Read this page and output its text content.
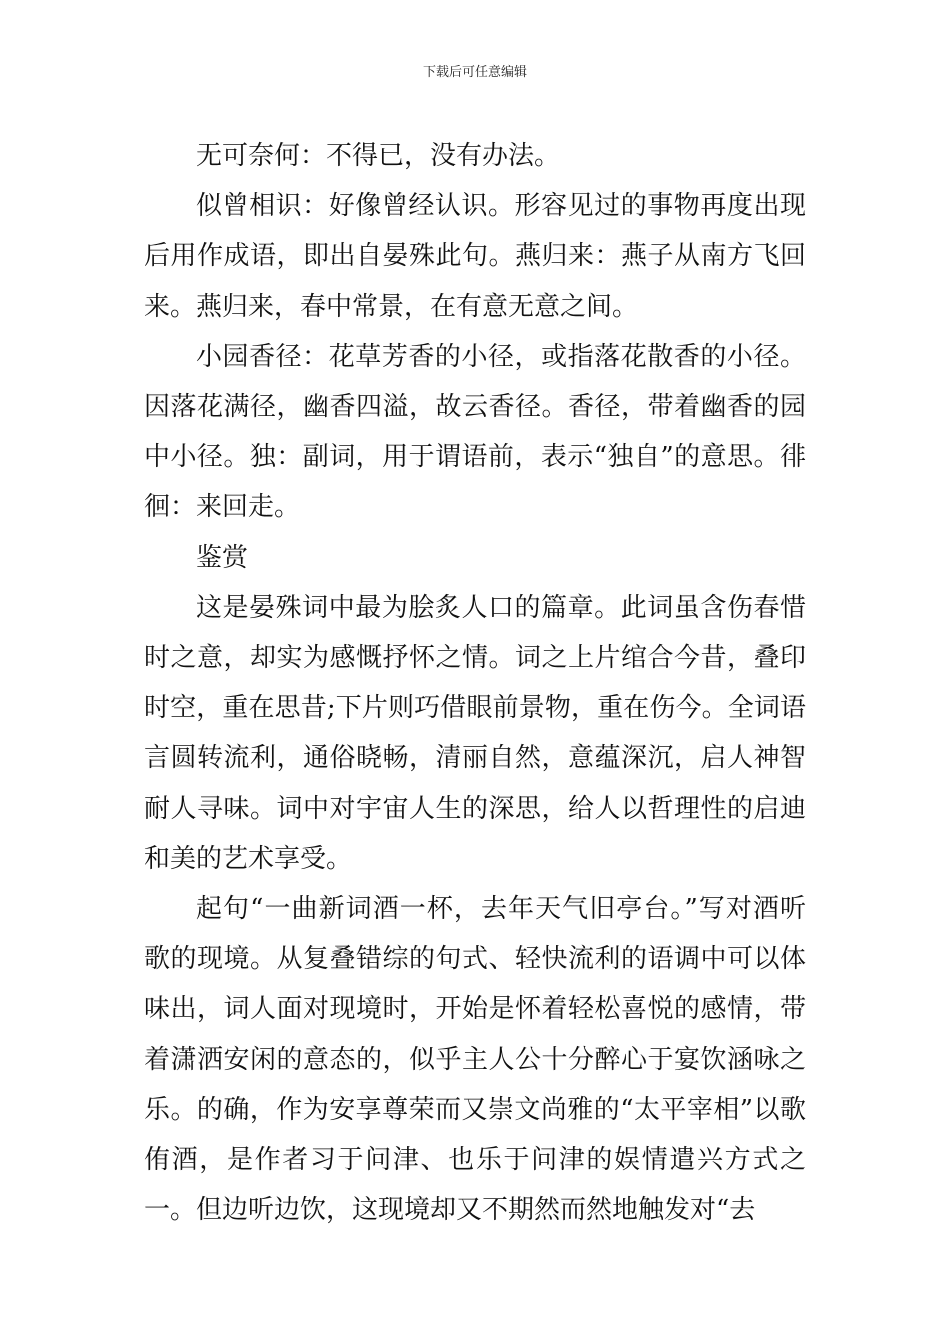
下载后可任意编辑

无可奈何：不得已，没有办法。

似曾相识：好像曾经认识。形容见过的事物再度出现后用作成语，即出自晏殊此句。燕归来：燕子从南方飞回来。燕归来，春中常景，在有意无意之间。

小园香径：花草芳香的小径，或指落花散香的小径。因落花满径，幽香四溢，故云香径。香径，带着幽香的园中小径。独：副词，用于谓语前，表示“独自”的意思。徘徊：来回走。

鉴赏

这是晏殊词中最为脍炙人口的篇章。此词虽含伤春惜时之意，却实为感慨抒怀之情。词之上片绾合今昔，叠印时空，重在思昔;下片则巧借眼前景物，重在伤今。全词语言圆转流利，通俗晓畅，清丽自然，意蕴深沉，启人神智耐人寻味。词中对宇宙人生的深思，给人以哲理性的启迪和美的艺术享受。

起句“一曲新词酒一杯，去年天气旧亭台。”写对酒听歌的现境。从复叠错综的句式、轻快流利的语调中可以体味出，词人面对现境时，开始是怀着轻松喜悦的感情，带着潇洒安闲的意态的，似乎主人公十分醉心于宴饮涵咏之乐。的确，作为安享尊荣而又崇文尚雅的“太平宰相”以歌侑酒，是作者习于问津、也乐于问津的娱情遣兴方式之一。但边听边饮，这现境却又不期然而然地触发对“去
